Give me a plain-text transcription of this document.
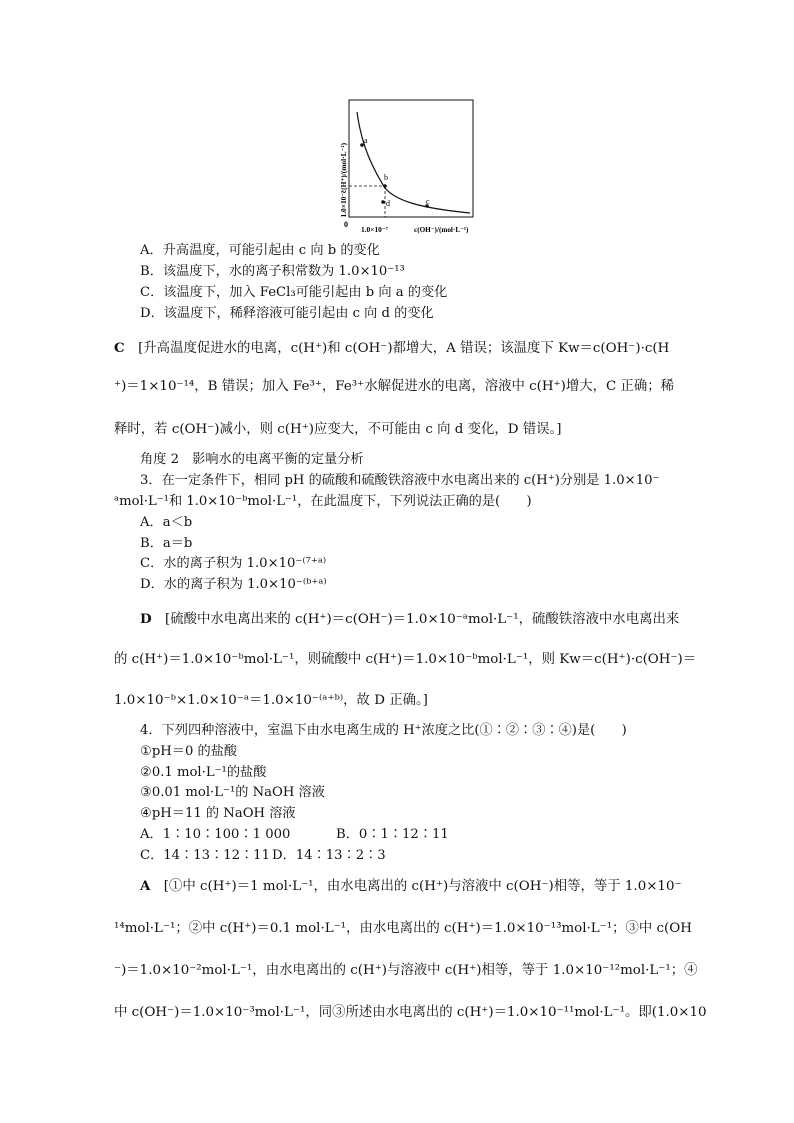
a
b
c
d
c(H⁺)/(mol·L⁻¹)
1.0×10⁻⁷
0
1.0×10⁻⁷	c(OH⁻)/(mol·L⁻¹)
A．升高温度，可能引起由 c 向 b 的变化
B．该温度下，水的离子积常数为 1.0×10⁻¹³
C．该温度下，加入 FeCl₃可能引起由 b 向 a 的变化
D．该温度下，稀释溶液可能引起由 c 向 d 的变化
C　 [升高温度促进水的电离，c(H⁺)和 c(OH⁻)都增大，A 错误；该温度下 Kw＝c(OH⁻)·c(H
⁺)＝1×10⁻¹⁴，B 错误；加入 Fe³⁺，Fe³⁺水解促进水的电离，溶液中 c(H⁺)增大，C 正确；稀
释时，若 c(OH⁻)减小，则 c(H⁺)应变大，不可能由 c 向 d 变化，D 错误。]
角度 2　影响水的电离平衡的定量分析
3．在一定条件下，相同 pH 的硫酸和硫酸铁溶液中水电离出来的 c(H⁺)分别是 1.0×10⁻
ᵃmol·L⁻¹和 1.0×10⁻ᵇmol·L⁻¹，在此温度下，下列说法正确的是(　　)
A．a＜b
B．a＝b
C．水的离子积为 1.0×10⁻⁽⁷⁺ᵃ⁾
D．水的离子积为 1.0×10⁻⁽ᵇ⁺ᵃ⁾
D　 [硫酸中水电离出来的 c(H⁺)＝c(OH⁻)＝1.0×10⁻ᵃmol·L⁻¹，硫酸铁溶液中水电离出来
的 c(H⁺)＝1.0×10⁻ᵇmol·L⁻¹，则硫酸中 c(H⁺)＝1.0×10⁻ᵇmol·L⁻¹，则 Kw＝c(H⁺)·c(OH⁻)＝
1.0×10⁻ᵇ×1.0×10⁻ᵃ＝1.0×10⁻⁽ᵃ⁺ᵇ⁾，故 D 正确。]
4．下列四种溶液中，室温下由水电离生成的 H⁺浓度之比(①∶②∶③∶④)是(　　)
①pH＝0 的盐酸
②0.1 mol·L⁻¹的盐酸
③0.01 mol·L⁻¹的 NaOH 溶液
④pH＝11 的 NaOH 溶液
A．1∶10∶100∶1 000	B．0∶1∶12∶11
C．14∶13∶12∶11 D．14∶13∶2∶3
A　 [①中 c(H⁺)＝1 mol·L⁻¹，由水电离出的 c(H⁺)与溶液中 c(OH⁻)相等，等于 1.0×10⁻
¹⁴mol·L⁻¹；②中 c(H⁺)＝0.1 mol·L⁻¹，由水电离出的 c(H⁺)＝1.0×10⁻¹³mol·L⁻¹；③中 c(OH
⁻)＝1.0×10⁻²mol·L⁻¹，由水电离出的 c(H⁺)与溶液中 c(H⁺)相等，等于 1.0×10⁻¹²mol·L⁻¹；④
中 c(OH⁻)＝1.0×10⁻³mol·L⁻¹，同③所述由水电离出的 c(H⁺)＝1.0×10⁻¹¹mol·L⁻¹。即(1.0×10
